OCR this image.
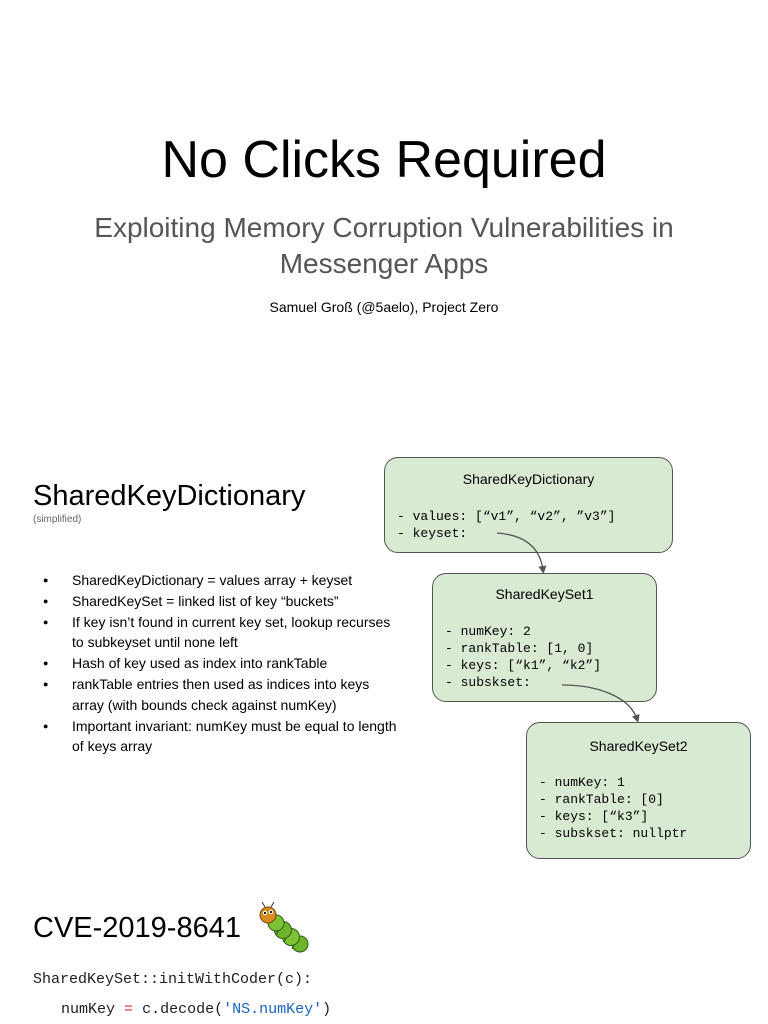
No Clicks Required
Exploiting Memory Corruption Vulnerabilities in Messenger Apps
Samuel Groß (@5aelo), Project Zero
SharedKeyDictionary
(simplified)
● SharedKeyDictionary = values array + keyset
● SharedKeySet = linked list of key “buckets”
● If key isn’t found in current key set, lookup recurses to subkeyset until none left
● Hash of key used as index into rankTable
● rankTable entries then used as indices into keys array (with bounds check against numKey)
● Important invariant: numKey must be equal to length of keys array
SharedKeyDictionary
- values: [“v1”, “v2”, ”v3”]
- keyset:
SharedKeySet1
- numKey: 2
- rankTable: [1, 0]
- keys: [“k1”, “k2”]
- subskset:
SharedKeySet2
- numKey: 1
- rankTable: [0]
- keys: [“k3”]
- subskset: nullptr
CVE-2019-8641
SharedKeySet::initWithCoder(c):
numKey = c.decode('NS.numKey')
